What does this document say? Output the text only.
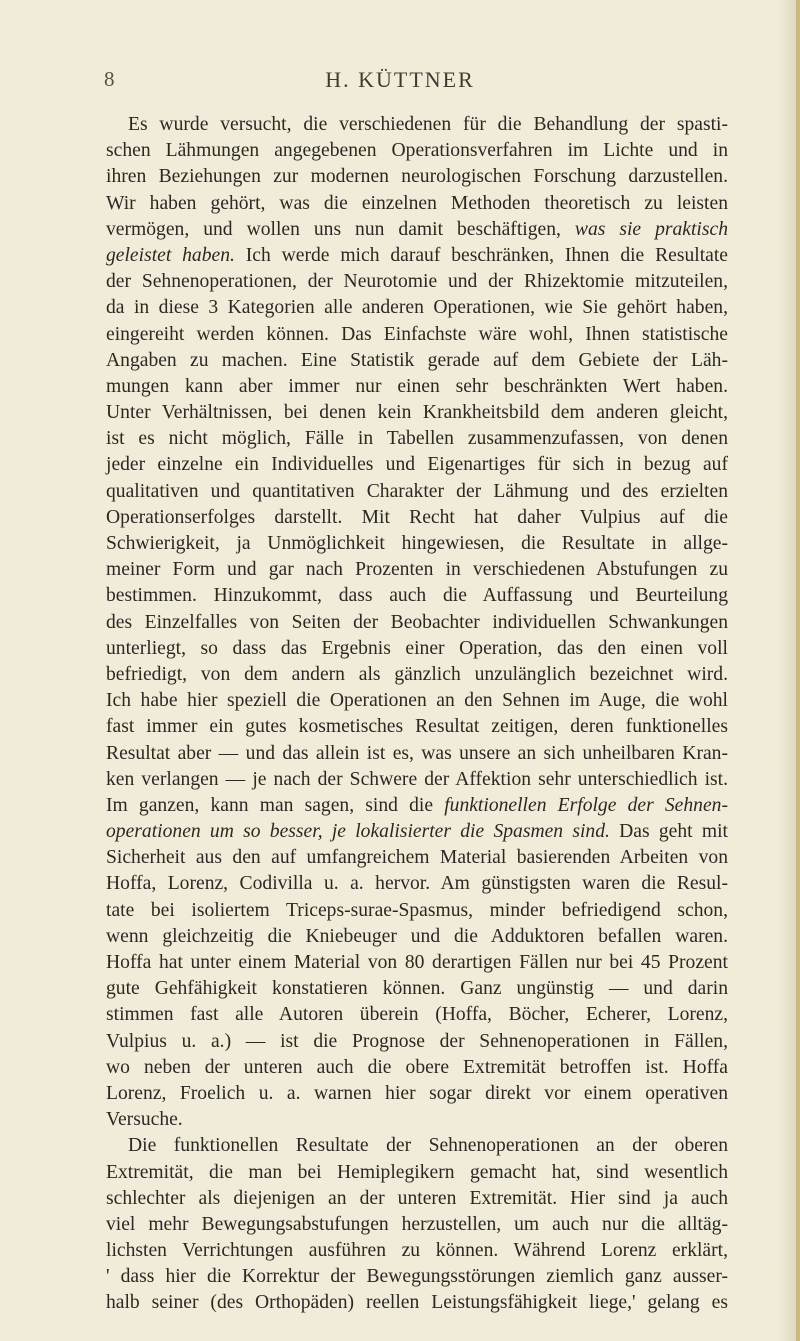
8	H. KÜTTNER
Es wurde versucht, die verschiedenen für die Behandlung der spasti-
schen Lähmungen angegebenen Operationsverfahren im Lichte und in
ihren Beziehungen zur modernen neurologischen Forschung darzustellen.
Wir haben gehört, was die einzelnen Methoden theoretisch zu leisten
vermögen, und wollen uns nun damit beschäftigen, was sie praktisch
geleistet haben. Ich werde mich darauf beschränken, Ihnen die Resultate
der Sehnenoperationen, der Neurotomie und der Rhizektomie mitzuteilen,
da in diese 3 Kategorien alle anderen Operationen, wie Sie gehört haben,
eingereiht werden können. Das Einfachste wäre wohl, Ihnen statistische
Angaben zu machen. Eine Statistik gerade auf dem Gebiete der Läh-
mungen kann aber immer nur einen sehr beschränkten Wert haben.
Unter Verhältnissen, bei denen kein Krankheitsbild dem anderen gleicht,
ist es nicht möglich, Fälle in Tabellen zusammenzufassen, von denen
jeder einzelne ein Individuelles und Eigenartiges für sich in bezug auf
qualitativen und quantitativen Charakter der Lähmung und des erzielten
Operationserfolges darstellt. Mit Recht hat daher Vulpius auf die
Schwierigkeit, ja Unmöglichkeit hingewiesen, die Resultate in allge-
meiner Form und gar nach Prozenten in verschiedenen Abstufungen zu
bestimmen. Hinzukommt, dass auch die Auffassung und Beurteilung
des Einzelfalles von Seiten der Beobachter individuellen Schwankungen
unterliegt, so dass das Ergebnis einer Operation, das den einen voll
befriedigt, von dem andern als gänzlich unzulänglich bezeichnet wird.
Ich habe hier speziell die Operationen an den Sehnen im Auge, die wohl
fast immer ein gutes kosmetisches Resultat zeitigen, deren funktionelles
Resultat aber — und das allein ist es, was unsere an sich unheilbaren Kran-
ken verlangen — je nach der Schwere der Affektion sehr unterschiedlich ist.
Im ganzen, kann man sagen, sind die funktionellen Erfolge der Sehnen-
operationen um so besser, je lokalisierter die Spasmen sind. Das geht mit
Sicherheit aus den auf umfangreichem Material basierenden Arbeiten von
Hoffa, Lorenz, Codivilla u. a. hervor. Am günstigsten waren die Resul-
tate bei isoliertem Triceps-surae-Spasmus, minder befriedigend schon,
wenn gleichzeitig die Kniebeuger und die Adduktoren befallen waren.
Hoffa hat unter einem Material von 80 derartigen Fällen nur bei 45 Prozent
gute Gehfähigkeit konstatieren können. Ganz ungünstig — und darin
stimmen fast alle Autoren überein (Hoffa, Böcher, Echerer, Lorenz,
Vulpius u. a.) — ist die Prognose der Sehnenoperationen in Fällen,
wo neben der unteren auch die obere Extremität betroffen ist. Hoffa
Lorenz, Froelich u. a. warnen hier sogar direkt vor einem operativen
Versuche.
Die funktionellen Resultate der Sehnenoperationen an der oberen
Extremität, die man bei Hemiplegikern gemacht hat, sind wesentlich
schlechter als diejenigen an der unteren Extremität. Hier sind ja auch
viel mehr Bewegungsabstufungen herzustellen, um auch nur die alltäg-
lichsten Verrichtungen ausführen zu können. Während Lorenz erklärt,
' dass hier die Korrektur der Bewegungsstörungen ziemlich ganz ausser-
halb seiner (des Orthopäden) reellen Leistungsfähigkeit liege,' gelang es
